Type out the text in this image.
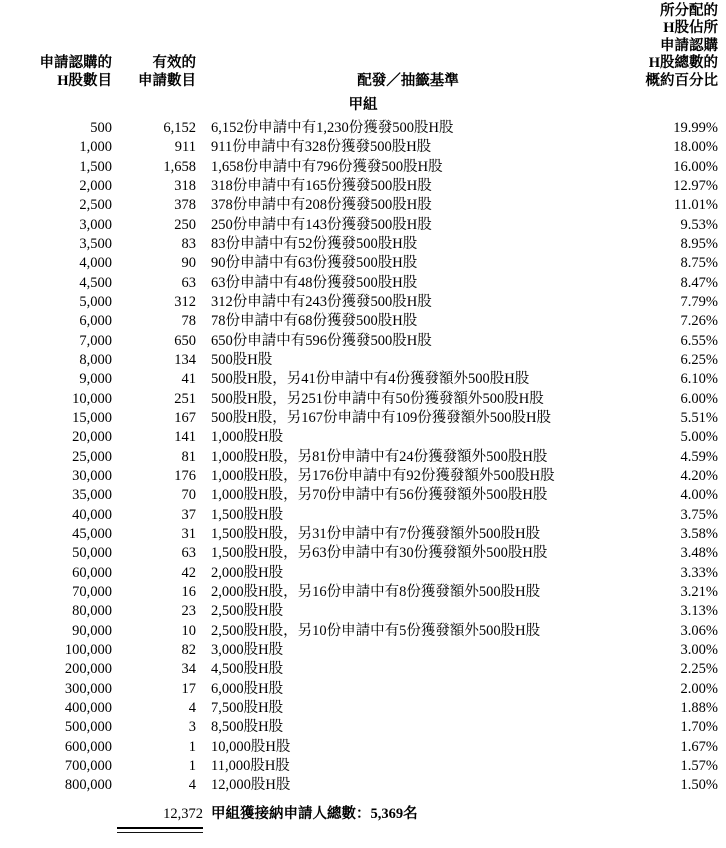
申請認購的
H股數目
有效的
申請數目	配發／抽籤基準
所分配的
H股佔所
申請認購
H股總數的
概約百分比
甲組
500	6,152	6,152份申請中有1,230份獲發500股H股	19.99%
1,000	911	911份申請中有328份獲發500股H股	18.00%
1,500	1,658	1,658份申請中有796份獲發500股H股	16.00%
2,000	318	318份申請中有165份獲發500股H股	12.97%
2,500	378	378份申請中有208份獲發500股H股	11.01%
3,000	250	250份申請中有143份獲發500股H股	9.53%
3,500	83	83份申請中有52份獲發500股H股	8.95%
4,000	90	90份申請中有63份獲發500股H股	8.75%
4,500	63	63份申請中有48份獲發500股H股	8.47%
5,000	312	312份申請中有243份獲發500股H股	7.79%
6,000	78	78份申請中有68份獲發500股H股	7.26%
7,000	650	650份申請中有596份獲發500股H股	6.55%
8,000	134	500股H股	6.25%
9,000	41	500股H股，另41份申請中有4份獲發額外500股H股	6.10%
10,000	251	500股H股，另251份申請中有50份獲發額外500股H股	6.00%
15,000	167	500股H股，另167份申請中有109份獲發額外500股H股	5.51%
20,000	141	1,000股H股	5.00%
25,000	81	1,000股H股，另81份申請中有24份獲發額外500股H股	4.59%
30,000	176	1,000股H股，另176份申請中有92份獲發額外500股H股	4.20%
35,000	70	1,000股H股，另70份申請中有56份獲發額外500股H股	4.00%
40,000	37	1,500股H股	3.75%
45,000	31	1,500股H股，另31份申請中有7份獲發額外500股H股	3.58%
50,000	63	1,500股H股，另63份申請中有30份獲發額外500股H股	3.48%
60,000	42	2,000股H股	3.33%
70,000	16	2,000股H股，另16份申請中有8份獲發額外500股H股	3.21%
80,000	23	2,500股H股	3.13%
90,000	10	2,500股H股，另10份申請中有5份獲發額外500股H股	3.06%
100,000	82	3,000股H股	3.00%
200,000	34	4,500股H股	2.25%
300,000	17	6,000股H股	2.00%
400,000	4	7,500股H股	1.88%
500,000	3	8,500股H股	1.70%
600,000	1	10,000股H股	1.67%
700,000	1	11,000股H股	1.57%
800,000	4	12,000股H股	1.50%
12,372 甲組獲接納申請人總數：5,369名
